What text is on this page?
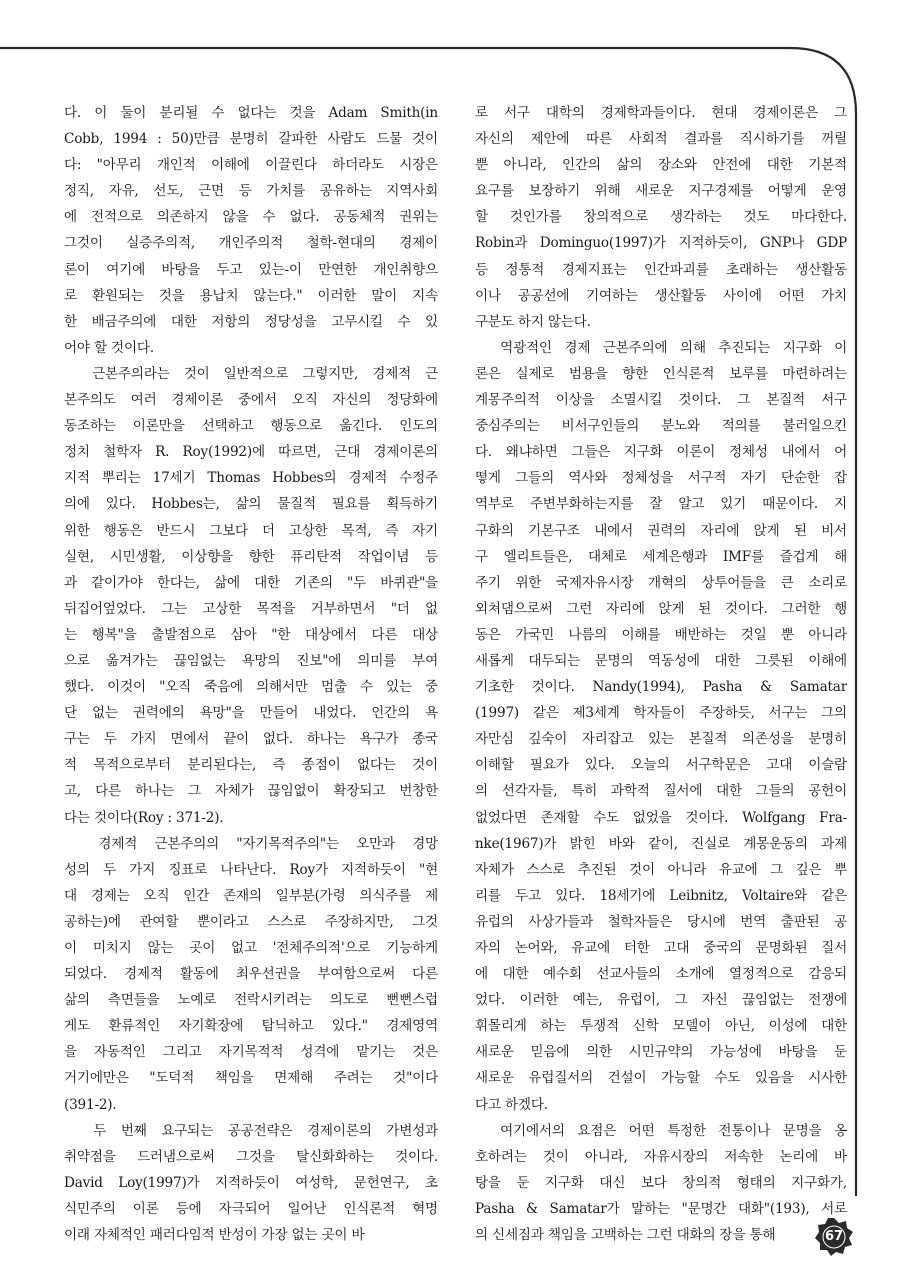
다. 이 둘이 분리될 수 없다는 것을 Adam Smith(in
Cobb, 1994 : 50)만큼 분명히 갈파한 사람도 드물 것이
다: "아무리 개인적 이해에 이끌린다 하더라도 시장은
정직, 자유, 선도, 근면 등 가치를 공유하는 지역사회
에 전적으로 의존하지 않을 수 없다. 공동체적 권위는
그것이 실증주의적, 개인주의적 철학-현대의 경제이
론이 여기에 바탕을 두고 있는-이 만연한 개인취향으
로 환원되는 것을 용납치 않는다." 이러한 말이 지속
한 배금주의에 대한 저항의 정당성을 고무시킬 수 있
어야 할 것이다.
근본주의라는 것이 일반적으로 그렇지만, 경제적 근
본주의도 여러 경제이론 중에서 오직 자신의 정당화에
동조하는 이론만을 선택하고 행동으로 옮긴다. 인도의
정치 철학자 R. Roy(1992)에 따르면, 근대 경제이론의
지적 뿌리는 17세기 Thomas Hobbes의 경제적 수정주
의에 있다. Hobbes는, 삶의 물질적 필요를 획득하기
위한 행동은 반드시 그보다 더 고상한 목적, 즉 자기
실현, 시민생활, 이상향을 향한 퓨리탄적 작업이념 등
과 같이가야 한다는, 삶에 대한 기존의 "두 바퀴관"을
뒤집어엎었다. 그는 고상한 목적을 거부하면서 "더 없
는 행복"을 출발점으로 삼아 "한 대상에서 다른 대상
으로 옮겨가는 끊임없는 욕망의 진보"에 의미를 부여
했다. 이것이 "오직 죽음에 의해서만 멈출 수 있는 중
단 없는 권력에의 욕망"을 만들어 내었다. 인간의 욕
구는 두 가지 면에서 끝이 없다. 하나는 욕구가 종국
적 목적으로부터 분리된다는, 즉 종점이 없다는 것이
고, 다른 하나는 그 자체가 끊임없이 확장되고 번창한
다는 것이다(Roy : 371-2).
경제적 근본주의의 "자기목적주의"는 오만과 경망
성의 두 가지 징표로 나타난다. Roy가 지적하듯이 "현
대 경제는 오직 인간 존재의 일부분(가령 의식주를 제
공하는)에 관여할 뿐이라고 스스로 주장하지만, 그것
이 미치지 않는 곳이 없고 '전체주의적'으로 기능하게
되었다. 경제적 활동에 최우선권을 부여함으로써 다른
삶의 측면들을 노예로 전락시키려는 의도로 뻔뻔스럽
게도 환류적인 자기확장에 탐닉하고 있다." 경제영역
을 자동적인 그리고 자기목적적 성격에 맡기는 것은
거기에만은 "도덕적 책임을 면제해 주려는 것"이다
(391-2).
두 번째 요구되는 공공전략은 경제이론의 가변성과
취약점을 드러냄으로써 그것을 탈신화화하는 것이다.
David Loy(1997)가 지적하듯이 여성학, 문헌연구, 초
식민주의 이론 등에 자극되어 일어난 인식론적 혁명
이래 자체적인 패러다임적 반성이 가장 없는 곳이 바
로 서구 대학의 경제학과들이다. 현대 경제이론은 그
자신의 제안에 따른 사회적 결과를 직시하기를 꺼릴
뿐 아니라, 인간의 삶의 장소와 안전에 대한 기본적
요구를 보장하기 위해 새로운 지구경제를 어떻게 운영
할 것인가를 창의적으로 생각하는 것도 마다한다.
Robin과 Dominguo(1997)가 지적하듯이, GNP나 GDP
등 정통적 경제지표는 인간파괴를 초래하는 생산활동
이나 공공선에 기여하는 생산활동 사이에 어떤 가치
구분도 하지 않는다.
역광적인 경제 근본주의에 의해 추진되는 지구화 이
론은 실제로 범용을 향한 인식론적 보루를 마련하려는
계몽주의적 이상을 소멸시킬 것이다. 그 본질적 서구
중심주의는 비서구인들의 분노와 적의를 불러일으킨
다. 왜냐하면 그들은 지구화 이론이 정체성 내에서 어
떻게 그들의 역사와 정체성을 서구적 자기 단순한 잡
역부로 주변부화하는지를 잘 알고 있기 때문이다. 지
구화의 기본구조 내에서 권력의 자리에 앉게 된 비서
구 엘리트들은, 대체로 세계은행과 IMF를 즐겁게 해
주기 위한 국제자유시장 개혁의 상투어들을 큰 소리로
외쳐댐으로써 그런 자리에 앉게 된 것이다. 그러한 행
동은 가국민 나름의 이해를 배반하는 것일 뿐 아니라
새롭게 대두되는 문명의 역동성에 대한 그릇된 이해에
기초한 것이다. Nandy(1994), Pasha & Samatar
(1997) 같은 제3세계 학자들이 주장하듯, 서구는 그의
자만심 깊숙이 자리잡고 있는 본질적 의존성을 분명히
이해할 필요가 있다. 오늘의 서구학문은 고대 이슬람
의 선각자들, 특히 과학적 질서에 대한 그들의 공헌이
없었다면 존재할 수도 없었을 것이다. Wolfgang Fra-
nke(1967)가 밝힌 바와 같이, 진실로 계몽운동의 과제
자체가 스스로 추진된 것이 아니라 유교에 그 깊은 뿌
리를 두고 있다. 18세기에 Leibnitz, Voltaire와 같은
유럽의 사상가들과 철학자들은 당시에 번역 출판된 공
자의 논어와, 유교에 터한 고대 중국의 문명화된 질서
에 대한 예수회 선교사들의 소개에 열정적으로 감응되
었다. 이러한 예는, 유럽이, 그 자신 끊임없는 전쟁에
휘몰리게 하는 투쟁적 신학 모델이 아닌, 이성에 대한
새로운 믿음에 의한 시민규약의 가능성에 바탕을 둔
새로운 유럽질서의 건설이 가능할 수도 있음을 시사한
다고 하겠다.
여기에서의 요점은 어떤 특정한 전통이나 문명을 옹
호하려는 것이 아니라, 자유시장의 저속한 논리에 바
탕을 둔 지구화 대신 보다 창의적 형태의 지구화가,
Pasha & Samatar가 말하는 "문명간 대화"(193), 서로
의 신세짐과 책임을 고백하는 그런 대화의 장을 통해	67
